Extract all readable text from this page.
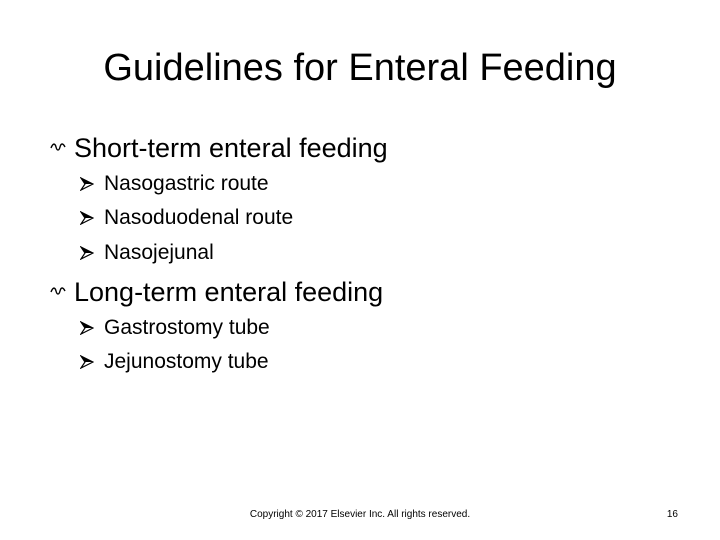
Guidelines for Enteral Feeding
Short-term enteral feeding
Nasogastric route
Nasoduodenal route
Nasojejunal
Long-term enteral feeding
Gastrostomy tube
Jejunostomy tube
Copyright © 2017 Elsevier Inc. All rights reserved.	16
